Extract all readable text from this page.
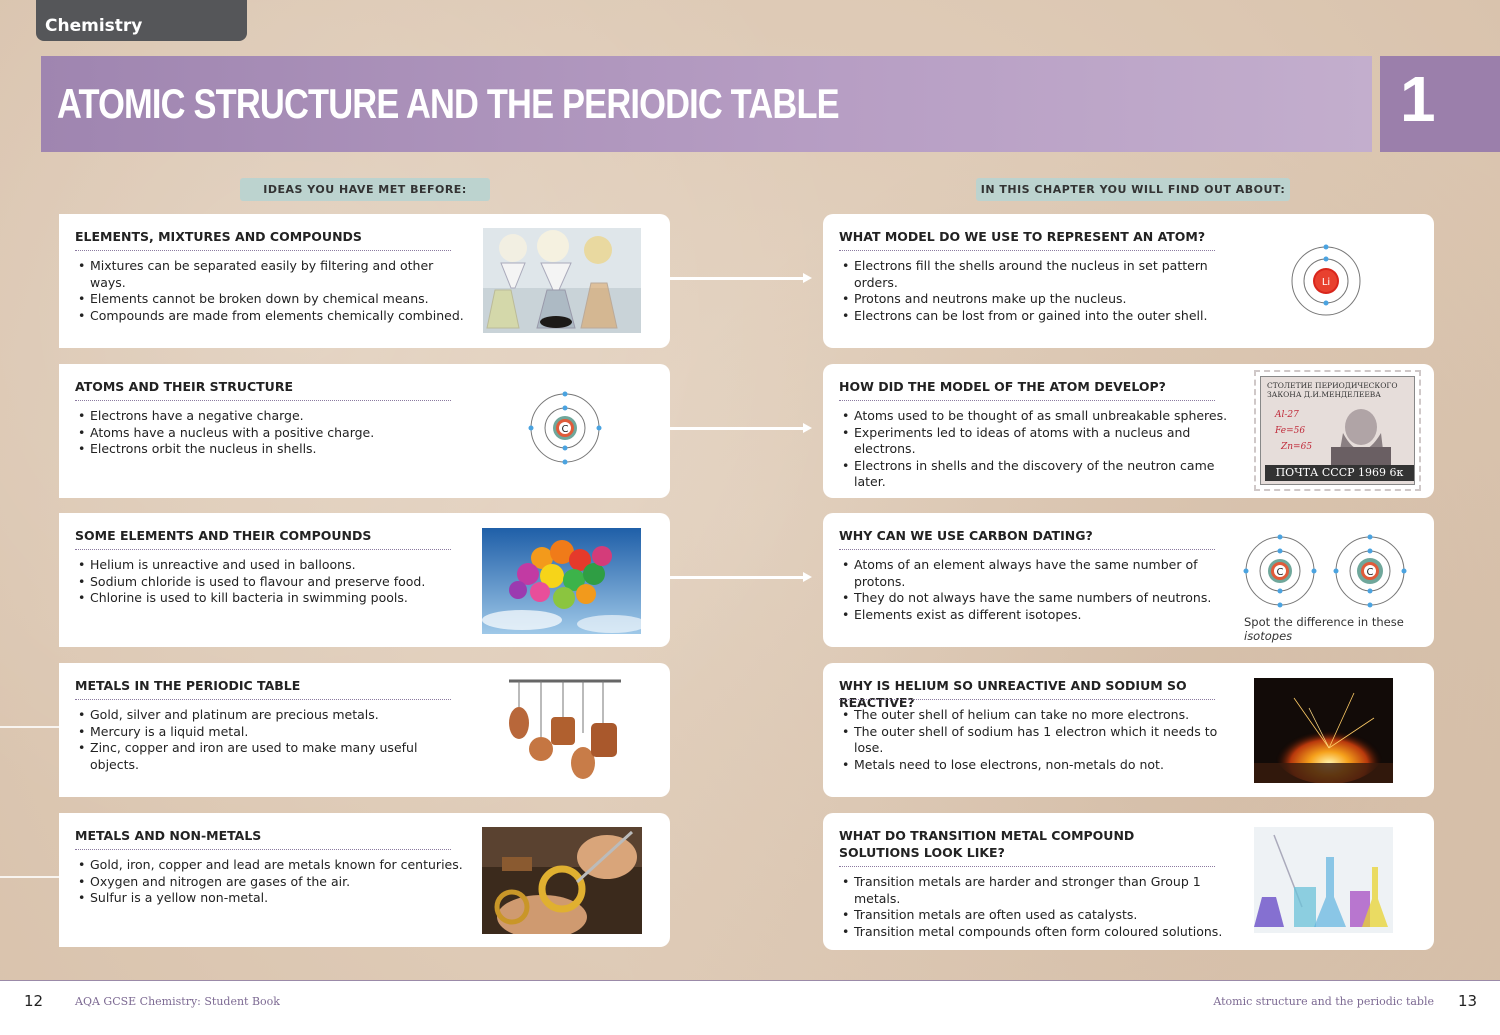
Chemistry
ATOMIC STRUCTURE AND THE PERIODIC TABLE	1
IDEAS YOU HAVE MET BEFORE:	IN THIS CHAPTER YOU WILL FIND OUT ABOUT:
ELEMENTS, MIXTURES AND COMPOUNDS
• Mixtures can be separated easily by filtering and other ways.
• Elements cannot be broken down by chemical means.
• Compounds are made from elements chemically combined.
ATOMS AND THEIR STRUCTURE
• Electrons have a negative charge.
• Atoms have a nucleus with a positive charge.
• Electrons orbit the nucleus in shells.
C
SOME ELEMENTS AND THEIR COMPOUNDS
• Helium is unreactive and used in balloons.
• Sodium chloride is used to flavour and preserve food.
• Chlorine is used to kill bacteria in swimming pools.
METALS IN THE PERIODIC TABLE
• Gold, silver and platinum are precious metals.
• Mercury is a liquid metal.
• Zinc, copper and iron are used to make many useful objects.
METALS AND NON-METALS
• Gold, iron, copper and lead are metals known for centuries.
• Oxygen and nitrogen are gases of the air.
• Sulfur is a yellow non-metal.
WHAT MODEL DO WE USE TO REPRESENT AN ATOM?
• Electrons fill the shells around the nucleus in set pattern orders.
• Protons and neutrons make up the nucleus.
• Electrons can be lost from or gained into the outer shell.
Li
HOW DID THE MODEL OF THE ATOM DEVELOP?
• Atoms used to be thought of as small unbreakable spheres.
• Experiments led to ideas of atoms with a nucleus and electrons.
• Electrons in shells and the discovery of the neutron came later.
СТОЛЕТИЕ ПЕРИОДИЧЕСКОГО ЗАКОНА Д.И.МЕНДЕЛЕЕВА
Al-27
Fe=56
Zn=65
ПОЧТА СССР 1969 6к
WHY CAN WE USE CARBON DATING?
• Atoms of an element always have the same number of protons.
• They do not always have the same numbers of neutrons.
• Elements exist as different isotopes.
C	C
Spot the difference in these
isotopes
WHY IS HELIUM SO UNREACTIVE AND SODIUM SO REACTIVE?
• The outer shell of helium can take no more electrons.
• The outer shell of sodium has 1 electron which it needs to lose.
• Metals need to lose electrons, non-metals do not.
WHAT DO TRANSITION METAL COMPOUND SOLUTIONS LOOK LIKE?
• Transition metals are harder and stronger than Group 1 metals.
• Transition metals are often used as catalysts.
• Transition metal compounds often form coloured solutions.
12	AQA GCSE Chemistry: Student Book	Atomic structure and the periodic table 13
